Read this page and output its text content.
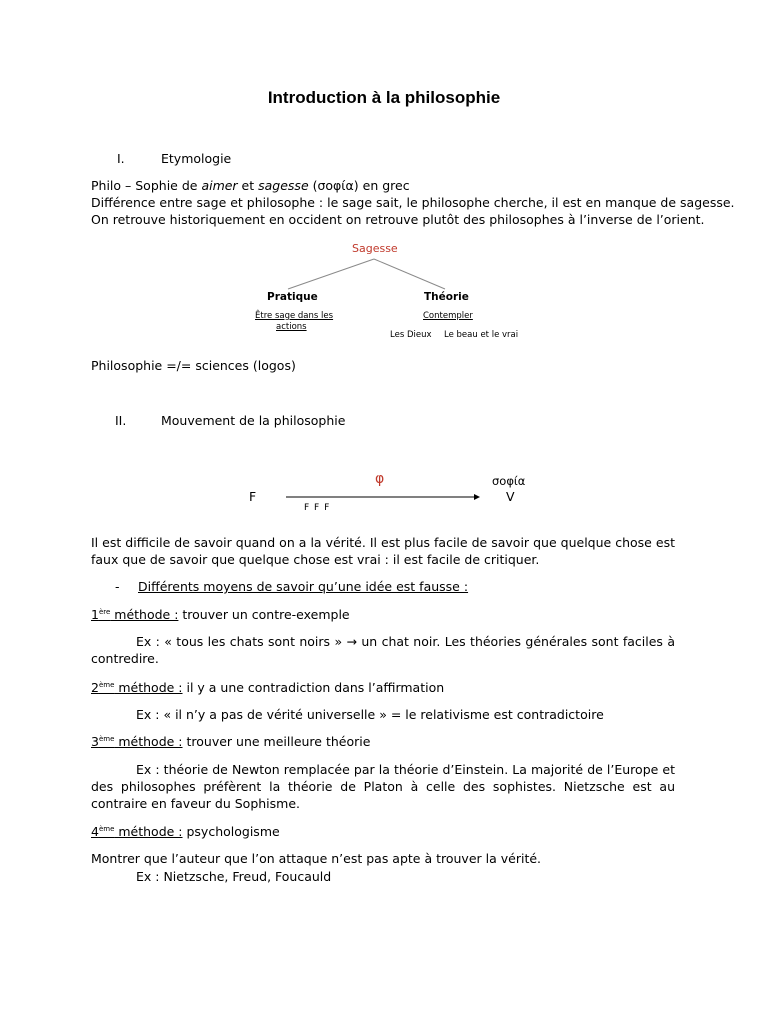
Introduction à la philosophie
I.	Etymologie
Philo – Sophie de aimer et sagesse (σοφία) en grec
Différence entre sage et philosophe : le sage sait, le philosophe cherche, il est en manque de sagesse.
On retrouve historiquement en occident on retrouve plutôt des philosophes à l’inverse de l’orient.
Sagesse
Pratique	Théorie
Être sage dans les
actions
Contempler
Les Dieux Le beau et le vrai
Philosophie =/= sciences (logos)
II.	Mouvement de la philosophie
φ	σοφία
F	V
F F F
Il est difficile de savoir quand on a la vérité. Il est plus facile de savoir que quelque chose est faux que de savoir que quelque chose est vrai : il est facile de critiquer.
- Différents moyens de savoir qu’une idée est fausse :
1ère méthode : trouver un contre-exemple
Ex : « tous les chats sont noirs » → un chat noir. Les théories générales sont faciles à contredire.
2ème méthode : il y a une contradiction dans l’affirmation
Ex : « il n’y a pas de vérité universelle » = le relativisme est contradictoire
3ème méthode : trouver une meilleure théorie
Ex : théorie de Newton remplacée par la théorie d’Einstein. La majorité de l’Europe et des philosophes préfèrent la théorie de Platon à celle des sophistes. Nietzsche est au contraire en faveur du Sophisme.
4ème méthode : psychologisme
Montrer que l’auteur que l’on attaque n’est pas apte à trouver la vérité.
Ex : Nietzsche, Freud, Foucauld
